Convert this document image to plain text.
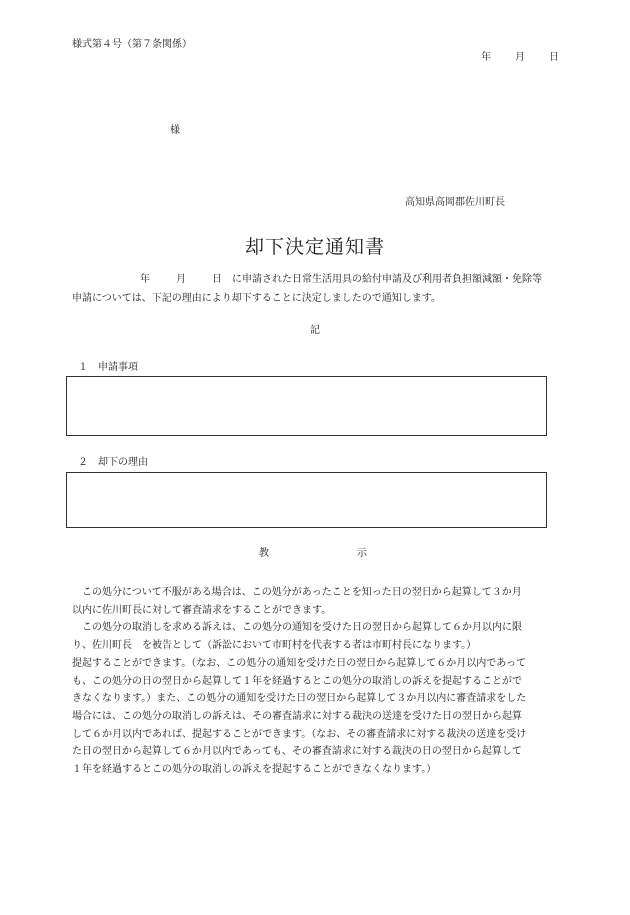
様式第４号（第７条関係）
年 月 日
様
高知県高岡郡佐川町長
却下決定通知書
年	月	日　 に申請された日常生活用具の給付申請及び利用者負担額減額・免除等
申請については、下記の理由により却下することに決定しましたので通知します。
記
１　申請事項
２　却下の理由
教	示

　この処分について不服がある場合は、この処分があったことを知った日の翌日から起算して３か月

以内に佐川町長に対して審査請求をすることができます。

　この処分の取消しを求める訴えは、この処分の通知を受けた日の翌日から起算して６か月以内に限

り、佐川町長　を被告として（訴訟において市町村を代表する者は市町村長になります。）

提起することができます。（なお、この処分の通知を受けた日の翌日から起算して６か月以内であって

も、この処分の日の翌日から起算して１年を経過するとこの処分の取消しの訴えを提起することがで

きなくなります。）また、この処分の通知を受けた日の翌日から起算して３か月以内に審査請求をした

場合には、この処分の取消しの訴えは、その審査請求に対する裁決の送達を受けた日の翌日から起算

して６か月以内であれば、提起することができます。（なお、その審査請求に対する裁決の送達を受け

た日の翌日から起算して６か月以内であっても、その審査請求に対する裁決の日の翌日から起算して

１年を経過するとこの処分の取消しの訴えを提起することができなくなります。）
